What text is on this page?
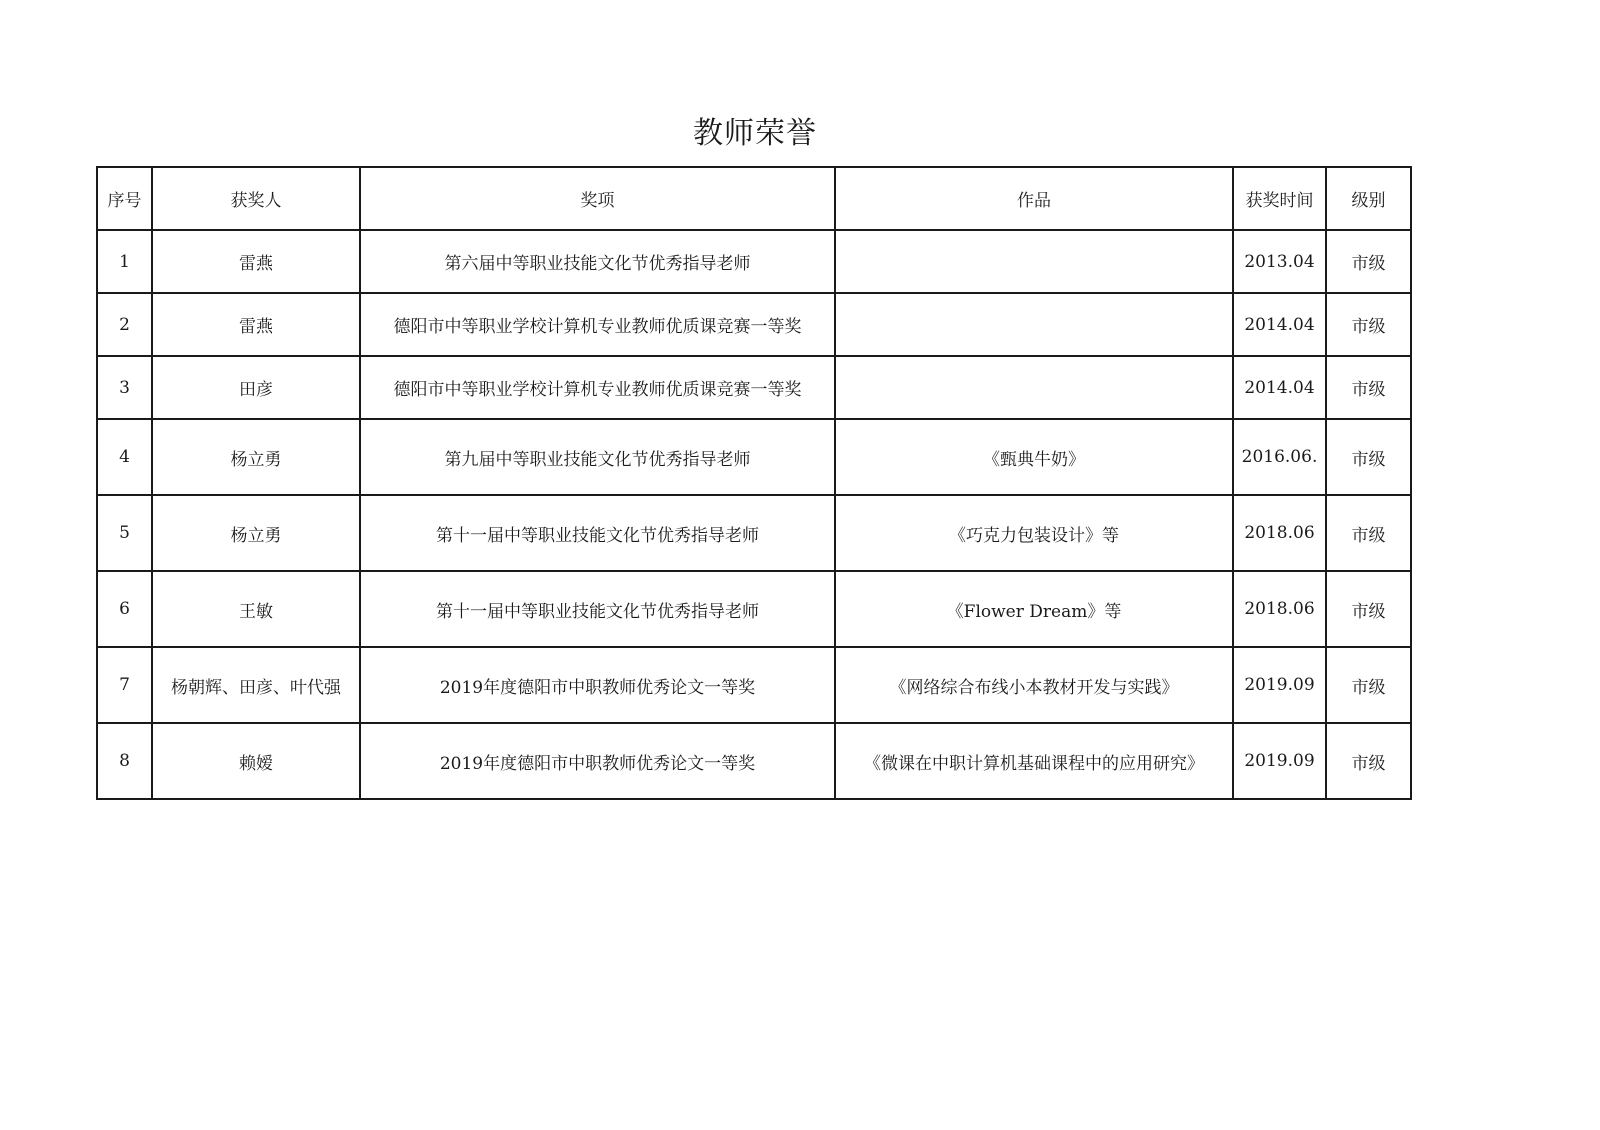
教师荣誉
序号	获奖人	奖项	作品	获奖时间	级别
1	雷燕	第六届中等职业技能文化节优秀指导老师		2013.04	市级
2	雷燕	德阳市中等职业学校计算机专业教师优质课竞赛一等奖		2014.04	市级
3	田彦	德阳市中等职业学校计算机专业教师优质课竞赛一等奖		2014.04	市级
4	杨立勇	第九届中等职业技能文化节优秀指导老师	《甄典牛奶》	2016.06.	市级
5	杨立勇	第十一届中等职业技能文化节优秀指导老师	《巧克力包装设计》等	2018.06	市级
6	王敏	第十一届中等职业技能文化节优秀指导老师	《Flower Dream》等	2018.06	市级
7	杨朝辉、田彦、叶代强	2019年度德阳市中职教师优秀论文一等奖	《网络综合布线小本教材开发与实践》	2019.09	市级
8	赖嫒	2019年度德阳市中职教师优秀论文一等奖	《微课在中职计算机基础课程中的应用研究》	2019.09	市级
